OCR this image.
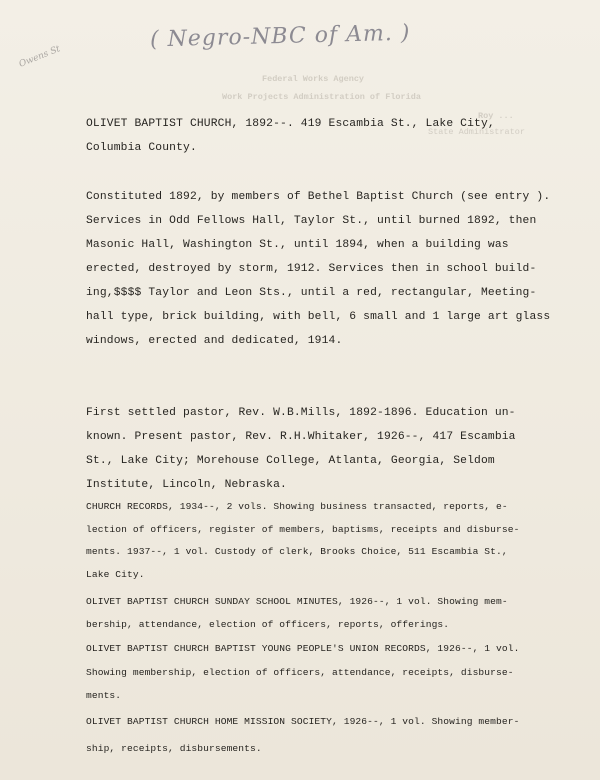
( Negro-NBC of Am. )
Owens St
Federal Works Agency
Work Projects Administration of Florida
Roy ...
State Administrator
OLIVET BAPTIST CHURCH, 1892--. 419 Escambia St., Lake City,
Columbia County.
Constituted 1892, by members of Bethel Baptist Church (see entry ).
Services in Odd Fellows Hall, Taylor St., until burned 1892, then
Masonic Hall, Washington St., until 1894, when a building was
erected, destroyed by storm, 1912. Services then in school build-
ing,$$$$ Taylor and Leon Sts., until a red, rectangular, Meeting-
hall type, brick building, with bell, 6 small and 1 large art glass
windows, erected and dedicated, 1914.
First settled pastor, Rev. W.B.Mills, 1892-1896. Education un-
known. Present pastor, Rev. R.H.Whitaker, 1926--, 417 Escambia
St., Lake City; Morehouse College, Atlanta, Georgia, Seldom
Institute, Lincoln, Nebraska.
CHURCH RECORDS, 1934--, 2 vols. Showing business transacted, reports, e-
lection of officers, register of members, baptisms, receipts and disburse-
ments. 1937--, 1 vol. Custody of clerk, Brooks Choice, 511 Escambia St.,
Lake City.
OLIVET BAPTIST CHURCH SUNDAY SCHOOL MINUTES, 1926--, 1 vol. Showing mem-
bership, attendance, election of officers, reports, offerings.
OLIVET BAPTIST CHURCH BAPTIST YOUNG PEOPLE'S UNION RECORDS, 1926--, 1 vol.
Showing membership, election of officers, attendance, receipts, disburse-
ments.
OLIVET BAPTIST CHURCH HOME MISSION SOCIETY, 1926--, 1 vol. Showing member-
ship, receipts, disbursements.
